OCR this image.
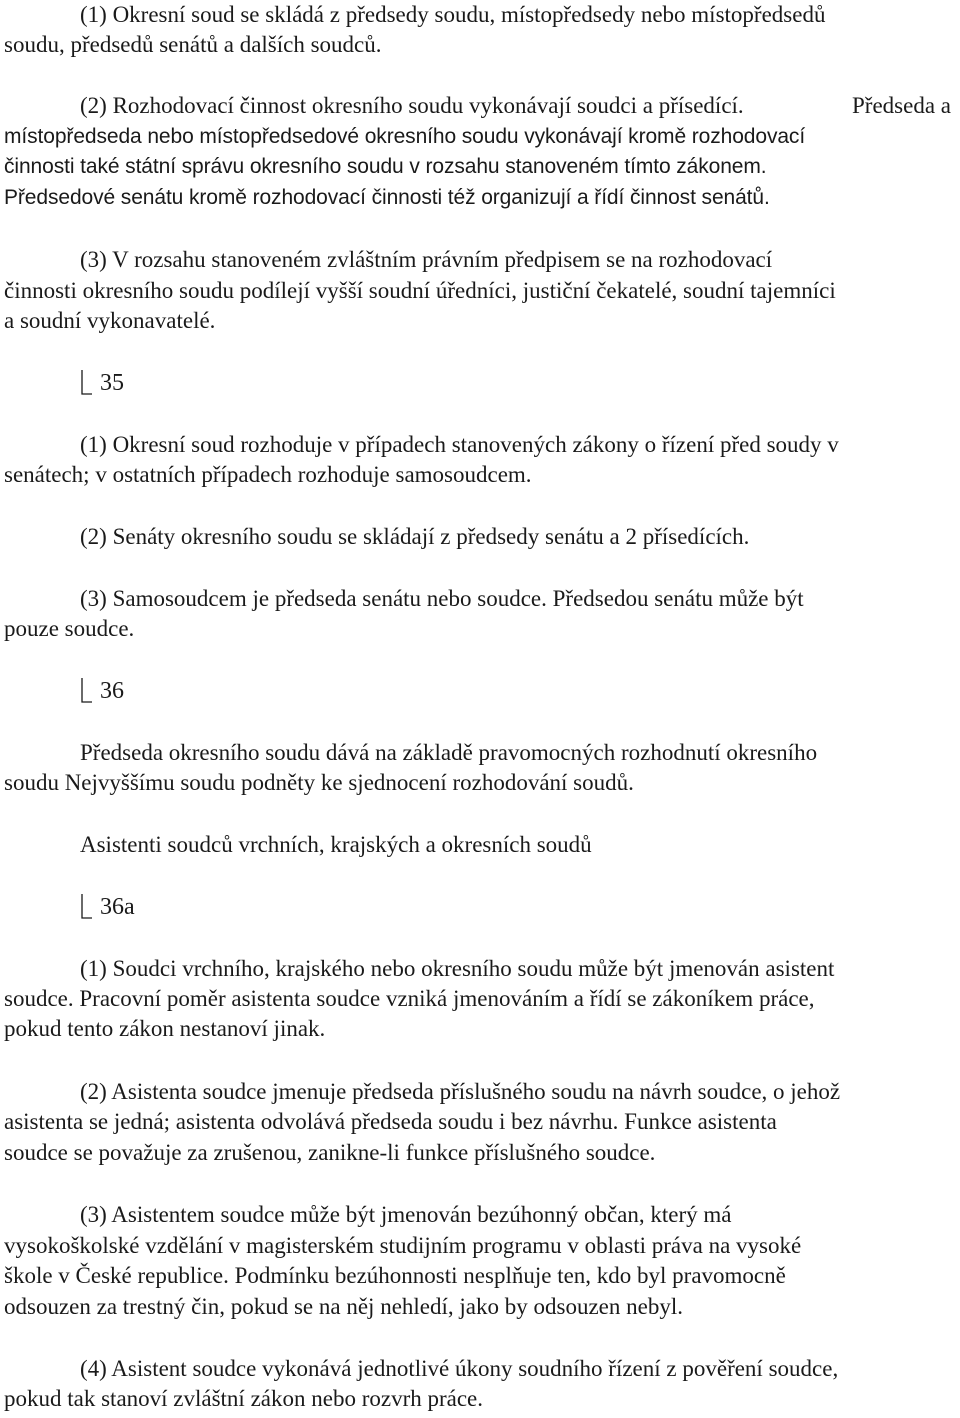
(1) Okresní soud se skládá z předsedy soudu, místopředsedy nebo místopředsedů

soudu, předsedů senátů a dalších soudců.

(2) Rozhodovací činnost okresního soudu vykonávají soudci a přísedící.	Předseda a

místopředseda nebo místopředsedové okresního soudu vykonávají kromě rozhodovací

činnosti také státní správu okresního soudu v rozsahu stanoveném tímto zákonem.

Předsedové senátu kromě rozhodovací činnosti též organizují a řídí činnost senátů.

(3) V rozsahu stanoveném zvláštním právním předpisem se na rozhodovací

činnosti okresního soudu podílejí vyšší soudní úředníci, justiční čekatelé, soudní tajemníci

a soudní vykonavatelé.

35

(1) Okresní soud rozhoduje v případech stanovených zákony o řízení před soudy v

senátech; v ostatních případech rozhoduje samosoudcem.

(2) Senáty okresního soudu se skládají z předsedy senátu a 2 přísedících.

(3) Samosoudcem je předseda senátu nebo soudce. Předsedou senátu může být

pouze soudce.

36

Předseda okresního soudu dává na základě pravomocných rozhodnutí okresního

soudu Nejvyššímu soudu podněty ke sjednocení rozhodování soudů.

Asistenti soudců vrchních, krajských a okresních soudů

36a

(1) Soudci vrchního, krajského nebo okresního soudu může být jmenován asistent

soudce. Pracovní poměr asistenta soudce vzniká jmenováním a řídí se zákoníkem práce,

pokud tento zákon nestanoví jinak.

(2) Asistenta soudce jmenuje předseda příslušného soudu na návrh soudce, o jehož

asistenta se jedná; asistenta odvolává předseda soudu i bez návrhu. Funkce asistenta

soudce se považuje za zrušenou, zanikne-li funkce příslušného soudce.

(3) Asistentem soudce může být jmenován bezúhonný občan, který má

vysokoškolské vzdělání v magisterském studijním programu v oblasti práva na vysoké

škole v České republice. Podmínku bezúhonnosti nesplňuje ten, kdo byl pravomocně

odsouzen za trestný čin, pokud se na něj nehledí, jako by odsouzen nebyl.

(4) Asistent soudce vykonává jednotlivé úkony soudního řízení z pověření soudce,

pokud tak stanoví zvláštní zákon nebo rozvrh práce.
